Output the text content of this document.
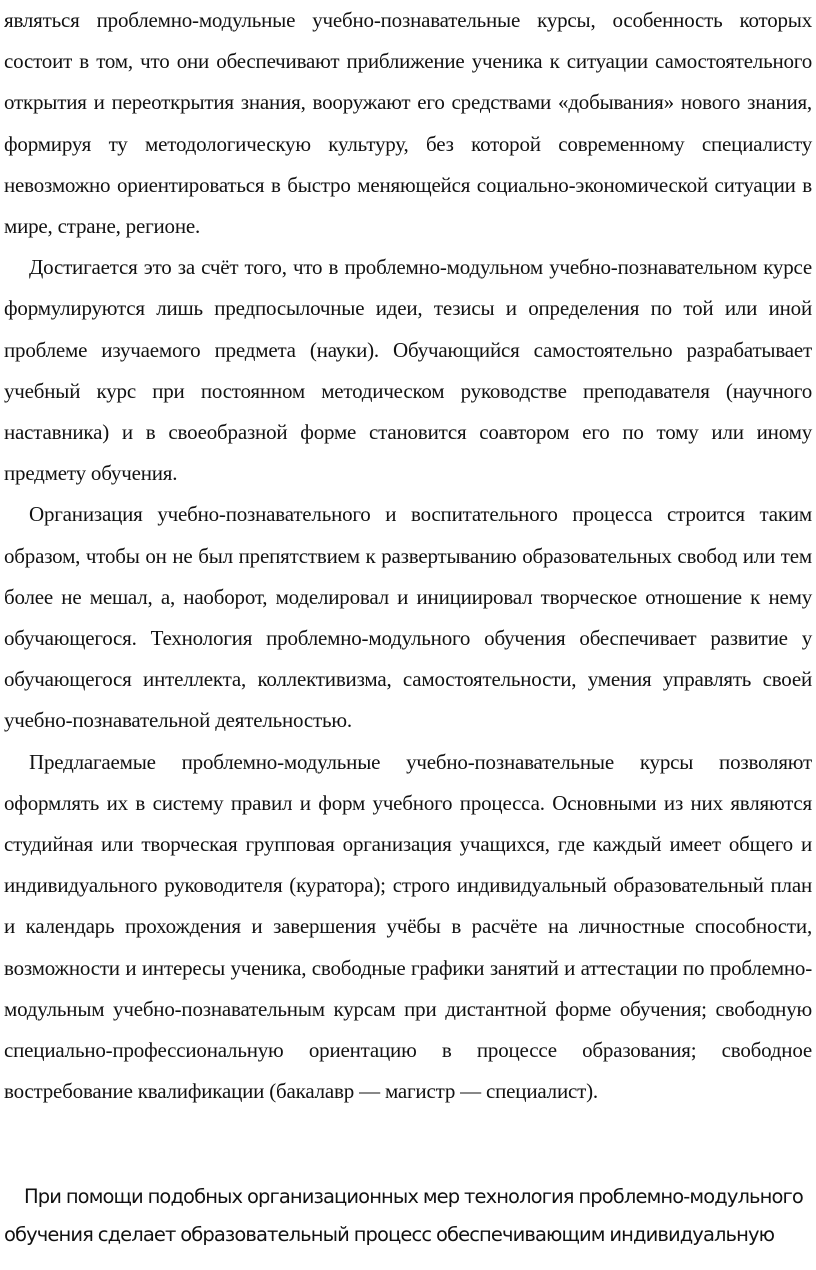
являться проблемно-модульные учебно-познавательные курсы, особенность которых состоит в том, что они обеспечивают приближение ученика к ситуации самостоятельного открытия и переоткрытия знания, вооружают его средствами «добывания» нового знания, формируя ту методологическую культуру, без которой современному специалисту невозможно ориентироваться в быстро меняющейся социально-экономической ситуации в мире, стране, регионе.

Достигается это за счёт того, что в проблемно-модульном учебно-познавательном курсе формулируются лишь предпосылочные идеи, тезисы и определения по той или иной проблеме изучаемого предмета (науки). Обучающийся самостоятельно разрабатывает учебный курс при постоянном методическом руководстве преподавателя (научного наставника) и в своеобразной форме становится соавтором его по тому или иному предмету обучения.

Организация учебно-познавательного и воспитательного процесса строится таким образом, чтобы он не был препятствием к развертыванию образовательных свобод или тем более не мешал, а, наоборот, моделировал и инициировал творческое отношение к нему обучающегося. Технология проблемно-модульного обучения обеспечивает развитие у обучающегося интеллекта, коллективизма, самостоятельности, умения управлять своей учебно-познавательной деятельностью.

Предлагаемые проблемно-модульные учебно-познавательные курсы позволяют оформлять их в систему правил и форм учебного процесса. Основными из них являются студийная или творческая групповая организация учащихся, где каждый имеет общего и индивидуального руководителя (куратора); строго индивидуальный образовательный план и календарь прохождения и завершения учёбы в расчёте на личностные способности, возможности и интересы ученика, свободные графики занятий и аттестации по проблемно-модульным учебно-познавательным курсам при дистантной форме обучения; свободную специально-профессиональную ориентацию в процессе образования; свободное востребование квалификации (бакалавр — магистр — специалист).

При помощи подобных организационных мер технология проблемно-модульного обучения сделает образовательный процесс обеспечивающим индивидуальную
